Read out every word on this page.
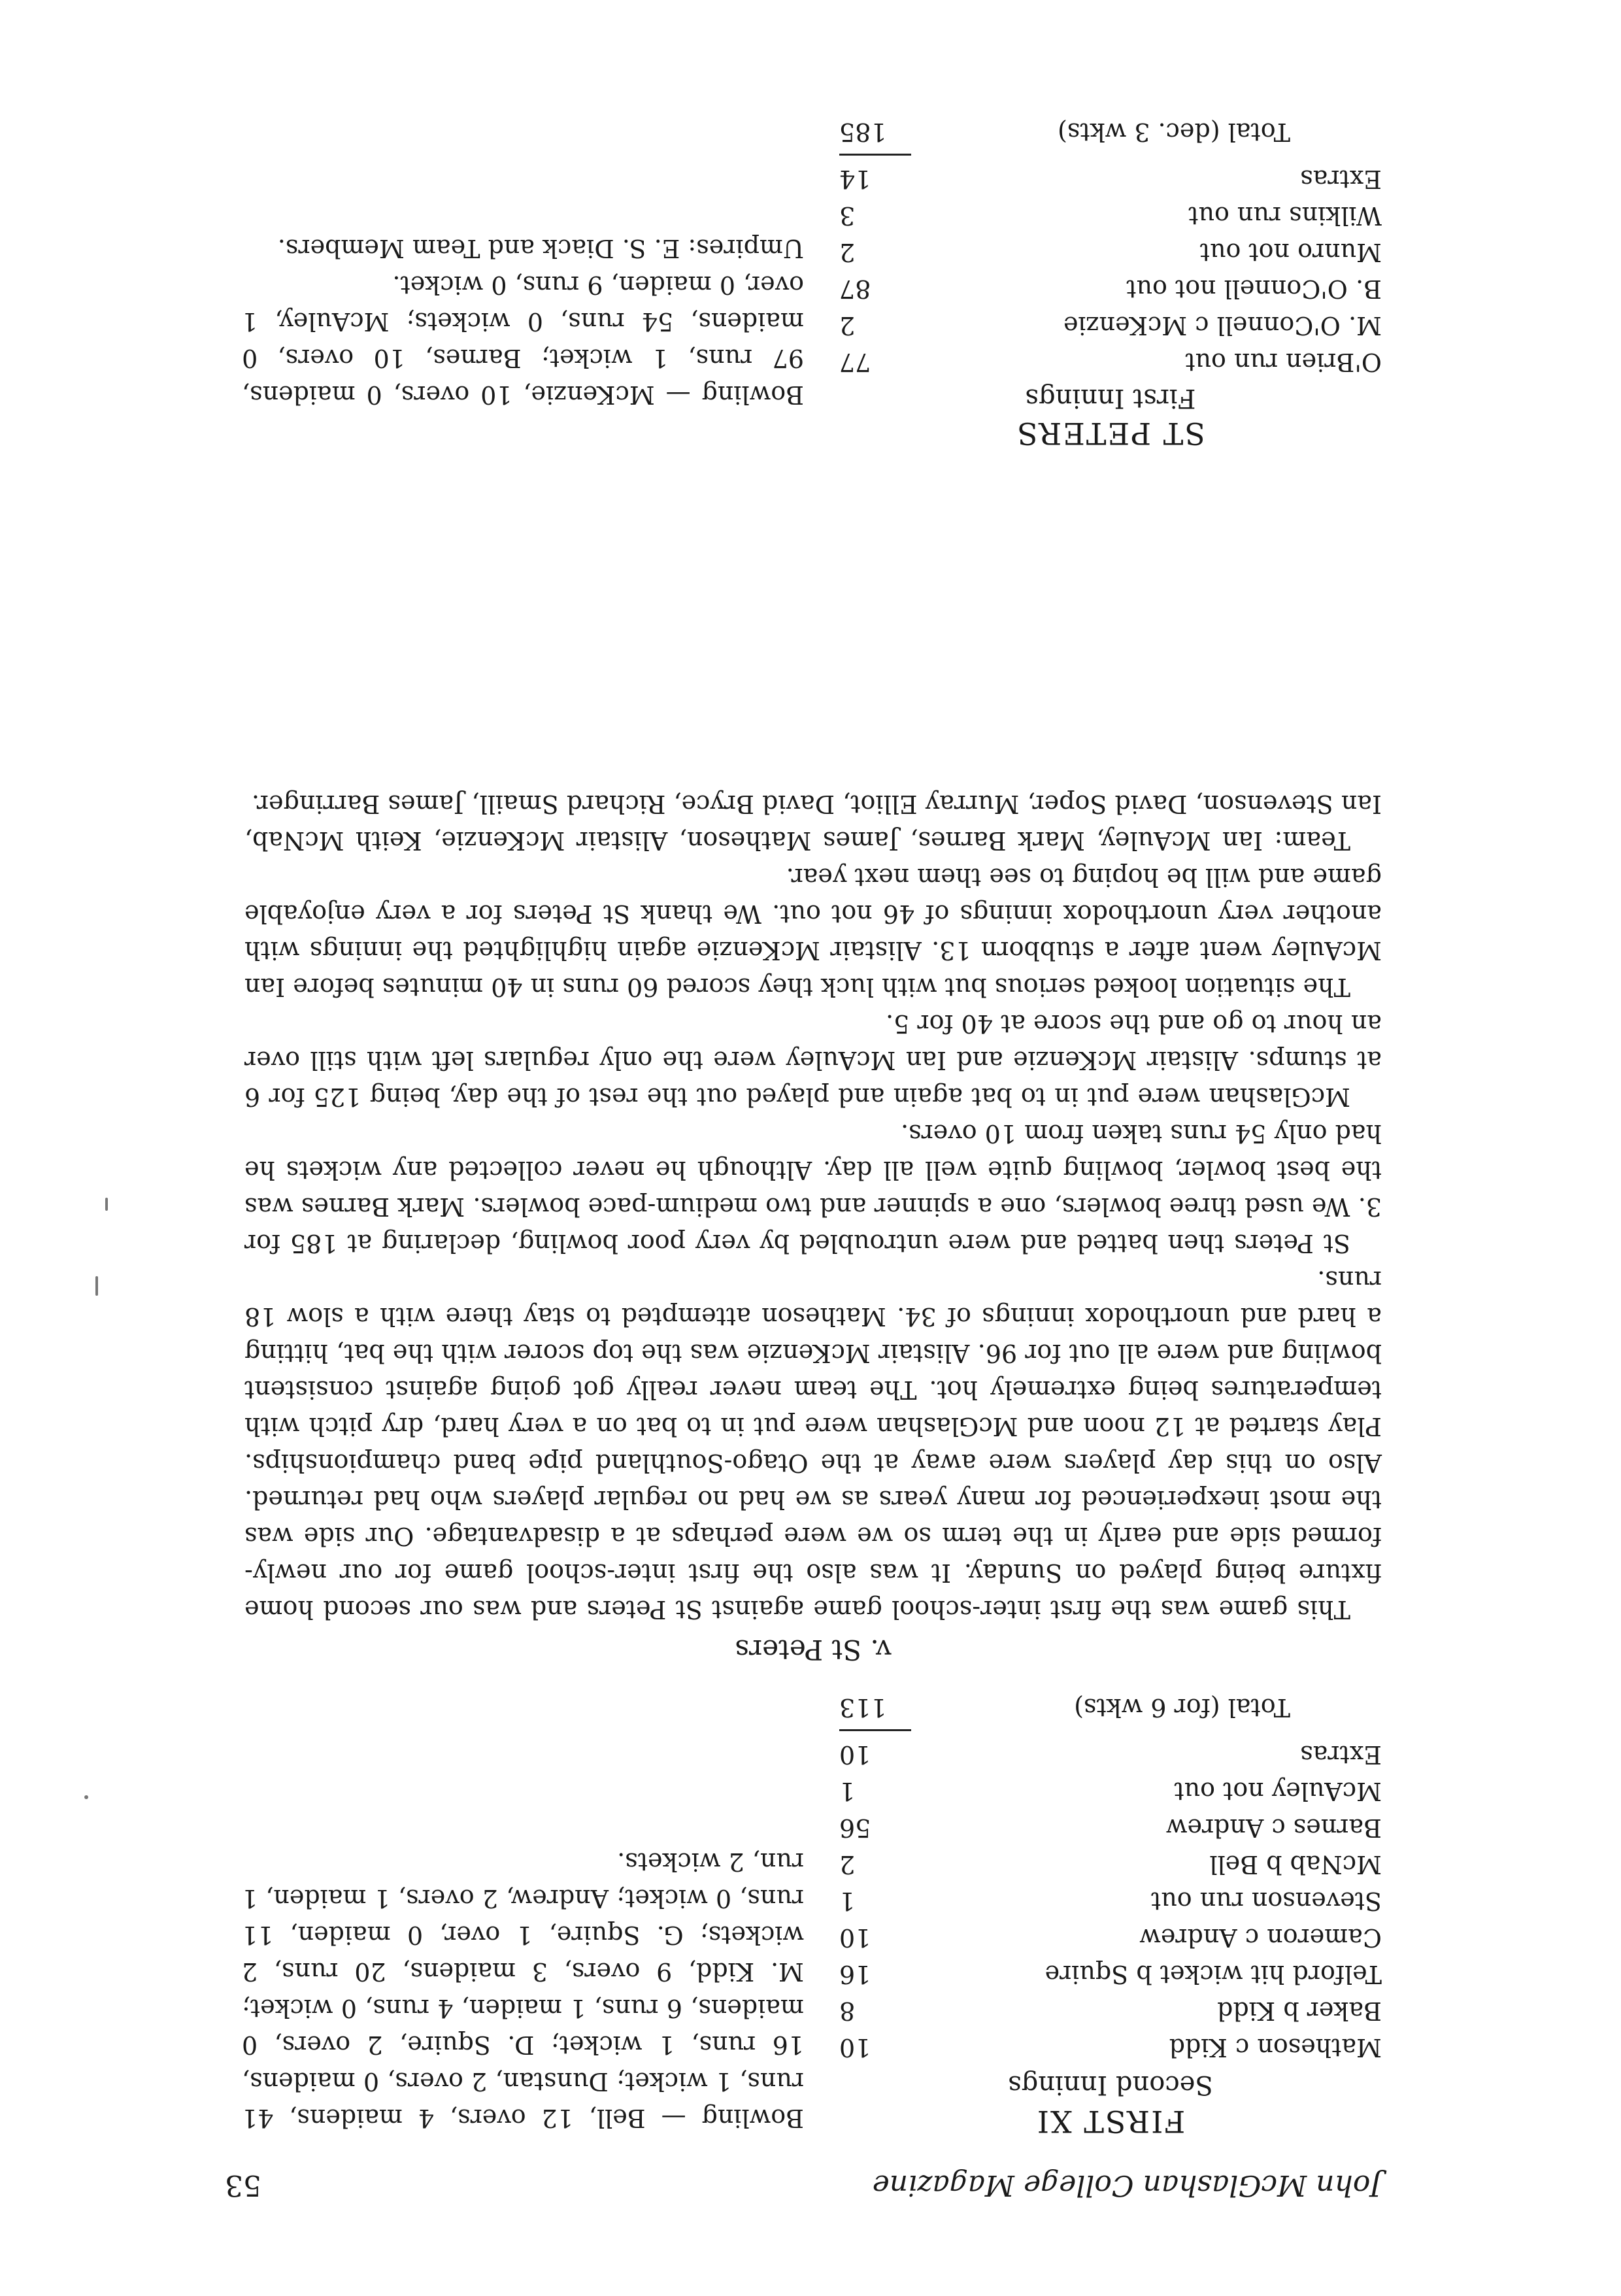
John McGlashan College Magazine
53
FIRST XI
Second Innings
Matheson c Kidd
10
Baker b Kidd
8
Telford hit wicket b Squire
16
Cameron c Andrew
10
Stevenson run out
1
McNab b Bell
2
Barnes c Andrew
56
McAuley not out
1
Extras
10
Total (for 6 wkts)
113

Bowling — Bell, 12 overs, 4 maidens, 41 runs, 1 wicket; Dunstan, 2 overs, 0 maidens, 16 runs, 1 wicket; D. Squire, 2 overs, 0 maidens, 6 runs, 1 maiden, 4 runs, 0 wicket; M. Kidd, 9 overs, 3 maidens, 20 runs, 2 wickets; G. Squire, 1 over, 0 maiden, 11 runs, 0 wicket; Andrew, 2 overs, 1 maiden, 1 run, 2 wickets.

v. St Peters

This game was the first inter-school game against St Peters and was our second home fixture being played on Sunday. It was also the first inter-school game for our newly-formed side and early in the term so we were perhaps at a disadvantage. Our side was the most inexperienced for many years as we had no regular players who had returned. Also on this day players were away at the Otago-Southland pipe band championships. Play started at 12 noon and McGlashan were put in to bat on a very hard, dry pitch with temperatures being extremely hot. The team never really got going against consistent bowling and were all out for 96. Alistair McKenzie was the top scorer with the bat, hitting a hard and unorthodox innings of 34. Matheson attempted to stay there with a slow 18 runs.

St Peters then batted and were untroubled by very poor bowling, declaring at 185 for 3. We used three bowlers, one a spinner and two medium-pace bowlers. Mark Barnes was the best bowler, bowling quite well all day. Although he never collected any wickets he had only 54 runs taken from 10 overs.

McGlashan were put in to bat again and played out the rest of the day, being 125 for 6 at stumps. Alistair McKenzie and Ian McAuley were the only regulars left with still over an hour to go and the score at 40 for 5.

The situation looked serious but with luck they scored 60 runs in 40 minutes before Ian McAuley went after a stubborn 13. Alistair McKenzie again highlighted the innings with another very unorthodox innings of 46 not out. We thank St Peters for a very enjoyable game and will be hoping to see them next year.

Team: Ian McAuley, Mark Barnes, James Matheson, Alistair McKenzie, Keith McNab, Ian Stevenson, David Soper, Murray Elliot, David Bryce, Richard Smaill, James Barringer.

ST PETERS
First Innings
O'Brien run out
77
M. O'Connell c McKenzie
2
B. O'Connell not out
87
Munro not out
2
Wilkins run out
3
Extras
14
Total (dec. 3 wkts)
185

Bowling — McKenzie, 10 overs, 0 maidens, 97 runs, 1 wicket; Barnes, 10 overs, 0 maidens, 54 runs, 0 wickets; McAuley, 1 over, 0 maiden, 9 runs, 0 wicket.

Umpires: E. S. Diack and Team Members.
